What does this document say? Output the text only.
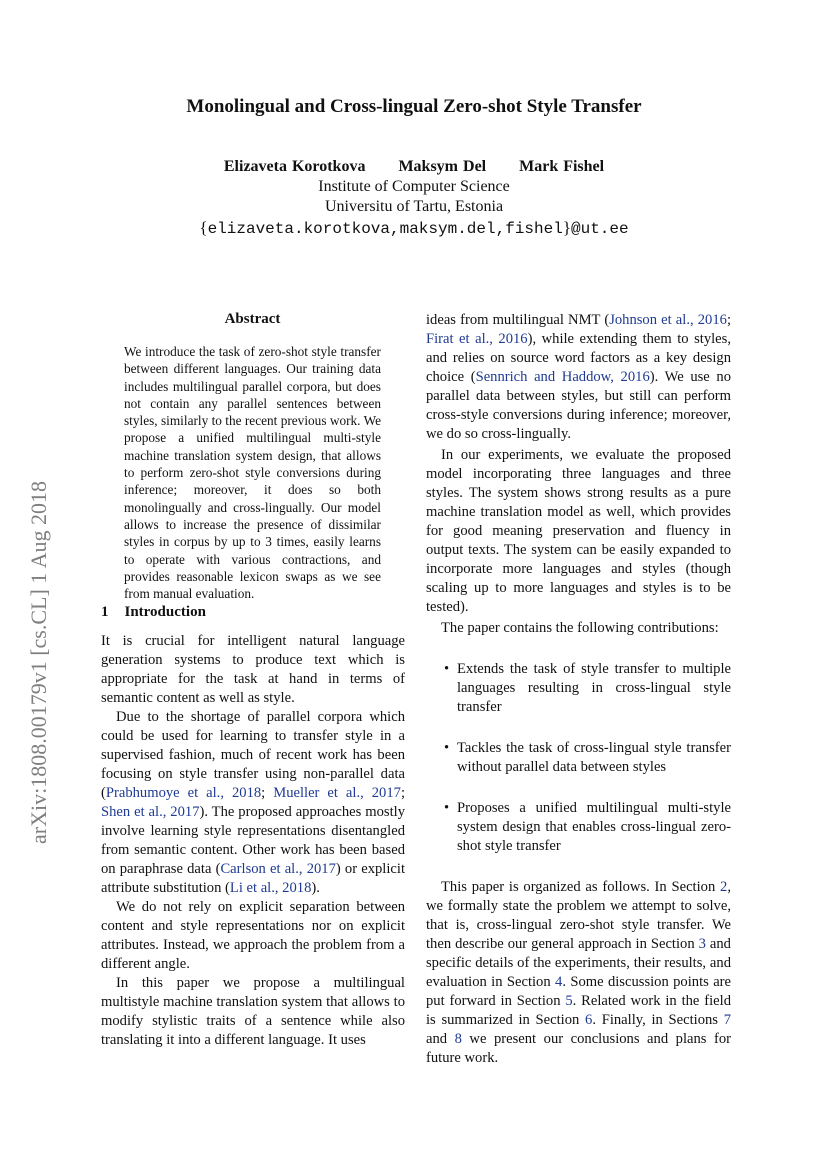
Monolingual and Cross-lingual Zero-shot Style Transfer
Elizaveta Korotkova Maksym Del Mark Fishel
Institute of Computer Science
Universitu of Tartu, Estonia
{elizaveta.korotkova,maksym.del,fishel}@ut.ee
arXiv:1808.00179v1 [cs.CL] 1 Aug 2018
Abstract
We introduce the task of zero-shot style transfer between different languages. Our training data includes multilingual parallel corpora, but does not contain any parallel sentences between styles, similarly to the recent previous work. We propose a unified multilingual multi-style machine translation system design, that allows to perform zero-shot style conversions during inference; moreover, it does so both monolingually and cross-lingually. Our model allows to increase the presence of dissimilar styles in corpus by up to 3 times, easily learns to operate with various contractions, and provides reasonable lexicon swaps as we see from manual evaluation.
1 Introduction

It is crucial for intelligent natural language generation systems to produce text which is appropriate for the task at hand in terms of semantic content as well as style.

Due to the shortage of parallel corpora which could be used for learning to transfer style in a supervised fashion, much of recent work has been focusing on style transfer using non-parallel data (Prabhumoye et al., 2018; Mueller et al., 2017; Shen et al., 2017). The proposed approaches mostly involve learning style representations disentangled from semantic content. Other work has been based on paraphrase data (Carlson et al., 2017) or explicit attribute substitution (Li et al., 2018).

We do not rely on explicit separation between content and style representations nor on explicit attributes. Instead, we approach the problem from a different angle.

In this paper we propose a multilingual multistyle machine translation system that allows to modify stylistic traits of a sentence while also translating it into a different language. It uses

ideas from multilingual NMT (Johnson et al., 2016; Firat et al., 2016), while extending them to styles, and relies on source word factors as a key design choice (Sennrich and Haddow, 2016). We use no parallel data between styles, but still can perform cross-style conversions during inference; moreover, we do so cross-lingually.

In our experiments, we evaluate the proposed model incorporating three languages and three styles. The system shows strong results as a pure machine translation model as well, which provides for good meaning preservation and fluency in output texts. The system can be easily expanded to incorporate more languages and styles (though scaling up to more languages and styles is to be tested).

The paper contains the following contributions:

• Extends the task of style transfer to multiple languages resulting in cross-lingual style transfer
• Tackles the task of cross-lingual style transfer without parallel data between styles
• Proposes a unified multilingual multi-style system design that enables cross-lingual zero-shot style transfer

This paper is organized as follows. In Section 2, we formally state the problem we attempt to solve, that is, cross-lingual zero-shot style transfer. We then describe our general approach in Section 3 and specific details of the experiments, their results, and evaluation in Section 4. Some discussion points are put forward in Section 5. Related work in the field is summarized in Section 6. Finally, in Sections 7 and 8 we present our conclusions and plans for future work.
